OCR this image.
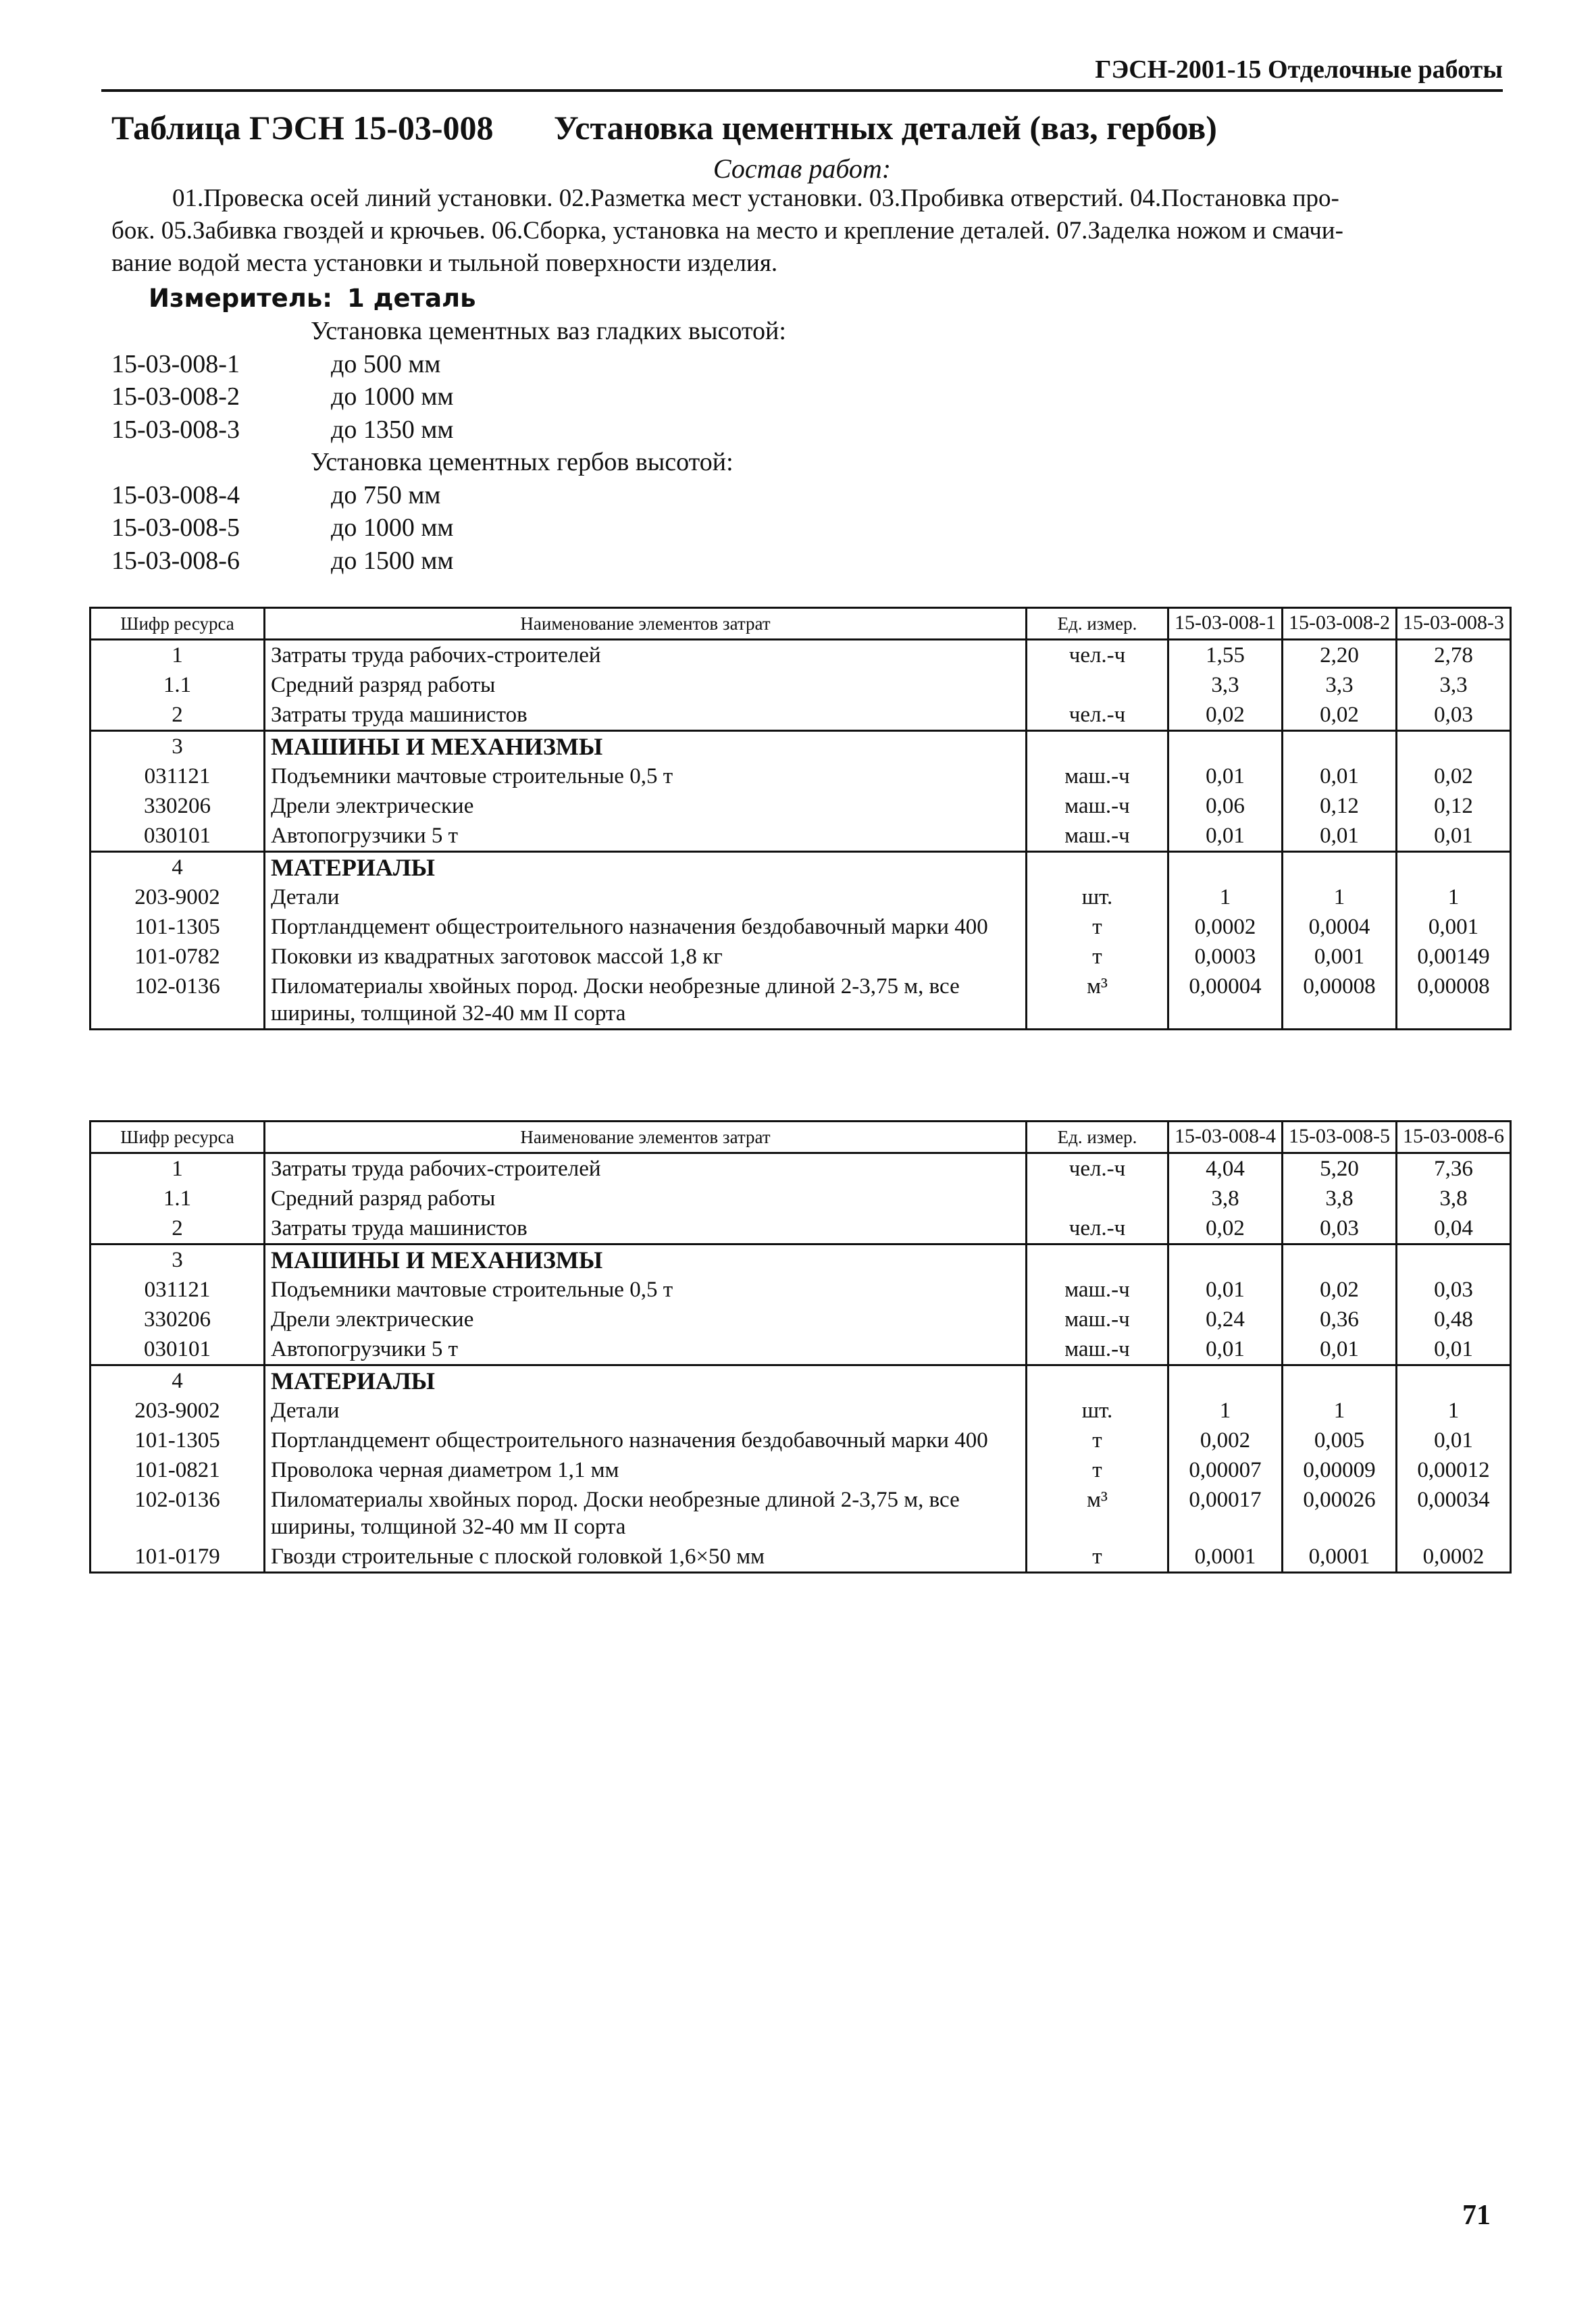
ГЭСН-2001-15 Отделочные работы
Таблица ГЭСН 15-03-008 Установка цементных деталей (ваз, гербов)
Состав работ:
01.Провеска осей линий установки. 02.Разметка мест установки. 03.Пробивка отверстий. 04.Постановка про-
бок. 05.Забивка гвоздей и крючьев. 06.Сборка, установка на место и крепление деталей. 07.Заделка ножом и смачи-
вание водой места установки и тыльной поверхности изделия.
Измеритель: 1 деталь
Установка цементных ваз гладких высотой:
15-03-008-1	до 500 мм
15-03-008-2	до 1000 мм
15-03-008-3	до 1350 мм
Установка цементных гербов высотой:
15-03-008-4	до 750 мм
15-03-008-5	до 1000 мм
15-03-008-6	до 1500 мм
Шифр ресурса	Наименование элементов затрат	Ед. измер.	15-03-008-1	15-03-008-2	15-03-008-3
1	Затраты труда рабочих-строителей	чел.-ч	1,55	2,20	2,78
1.1	Средний разряд работы		3,3	3,3	3,3
2	Затраты труда машинистов	чел.-ч	0,02	0,02	0,03
3	МАШИНЫ И МЕХАНИЗМЫ				
031121	Подъемники мачтовые строительные 0,5 т	маш.-ч	0,01	0,01	0,02
330206	Дрели электрические	маш.-ч	0,06	0,12	0,12
030101	Автопогрузчики 5 т	маш.-ч	0,01	0,01	0,01
4	МАТЕРИАЛЫ				
203-9002	Детали	шт.	1	1	1
101-1305	Портландцемент общестроительного назначения бездобавочный марки 400	т	0,0002	0,0004	0,001
101-0782	Поковки из квадратных заготовок массой 1,8 кг	т	0,0003	0,001	0,00149
102-0136	Пиломатериалы хвойных пород. Доски необрезные длиной 2-3,75 м, все ширины, толщиной 32-40 мм II сорта	м³	0,00004	0,00008	0,00008
Шифр ресурса	Наименование элементов затрат	Ед. измер.	15-03-008-4	15-03-008-5	15-03-008-6
1	Затраты труда рабочих-строителей	чел.-ч	4,04	5,20	7,36
1.1	Средний разряд работы		3,8	3,8	3,8
2	Затраты труда машинистов	чел.-ч	0,02	0,03	0,04
3	МАШИНЫ И МЕХАНИЗМЫ				
031121	Подъемники мачтовые строительные 0,5 т	маш.-ч	0,01	0,02	0,03
330206	Дрели электрические	маш.-ч	0,24	0,36	0,48
030101	Автопогрузчики 5 т	маш.-ч	0,01	0,01	0,01
4	МАТЕРИАЛЫ				
203-9002	Детали	шт.	1	1	1
101-1305	Портландцемент общестроительного назначения бездобавочный марки 400	т	0,002	0,005	0,01
101-0821	Проволока черная диаметром 1,1 мм	т	0,00007	0,00009	0,00012
102-0136	Пиломатериалы хвойных пород. Доски необрезные длиной 2-3,75 м, все ширины, толщиной 32-40 мм II сорта	м³	0,00017	0,00026	0,00034
101-0179	Гвозди строительные с плоской головкой 1,6×50 мм	т	0,0001	0,0001	0,0002
71
